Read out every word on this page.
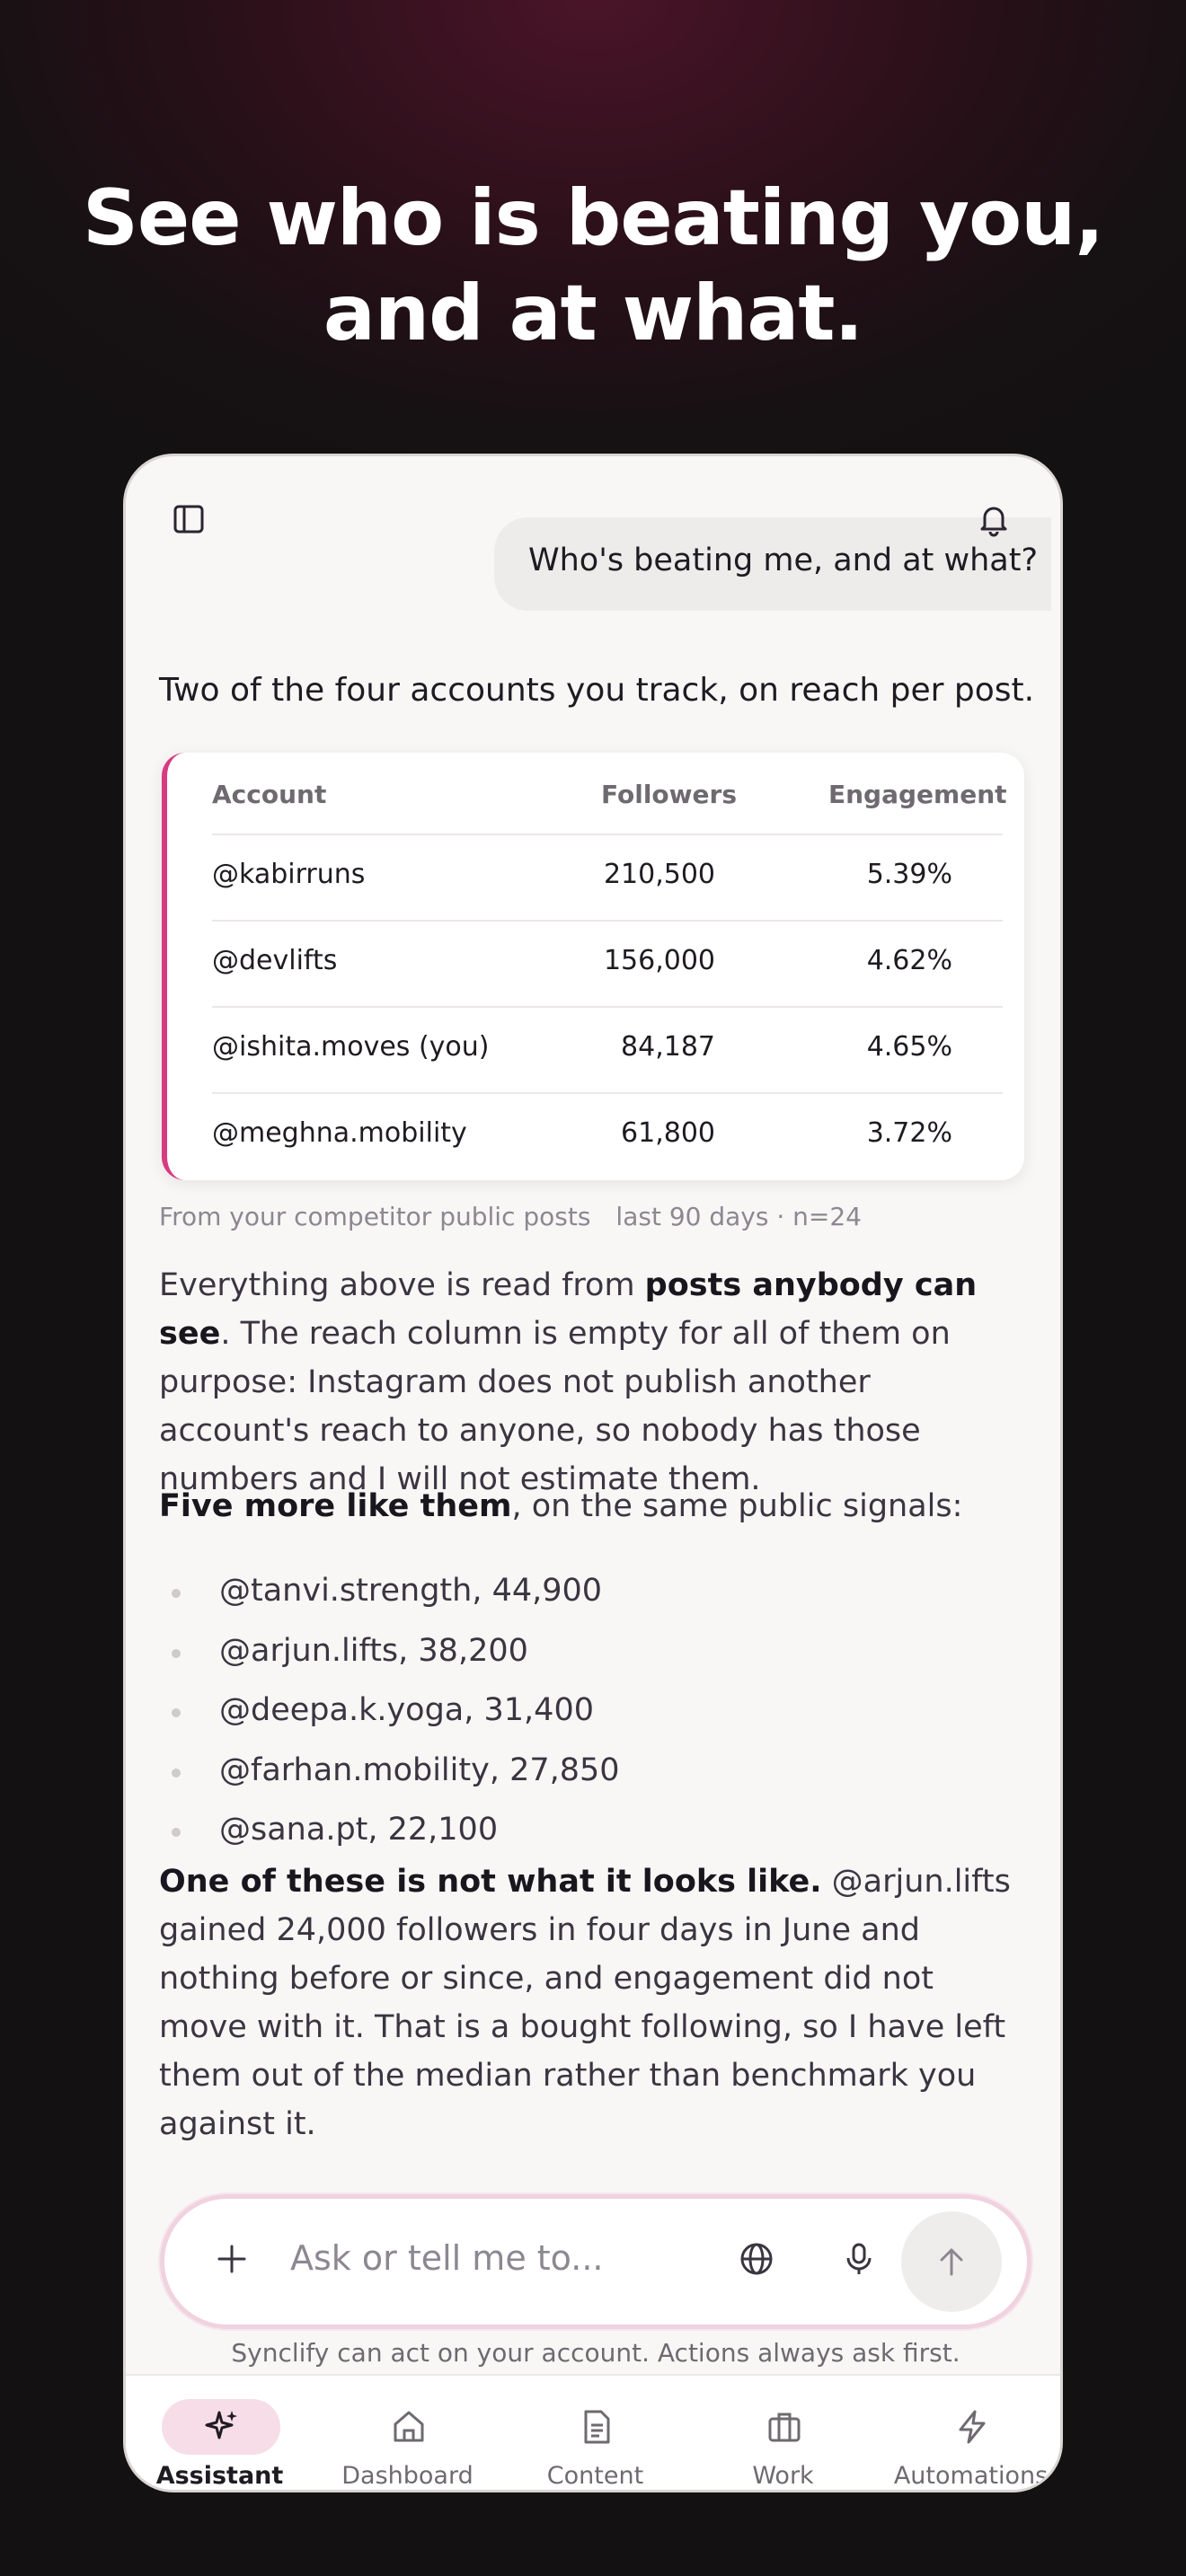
See who is beating you,
and at what.
Who's beating me, and at what?

Two of the four accounts you track, on reach per post.

Account	Followers	Engagement
@kabirruns	210,500	5.39%
@devlifts	156,000	4.62%
@ishita.moves (you)	84,187	4.65%
@meghna.mobility	61,800	3.72%
From your competitor public posts last 90 days · n=24

Everything above is read from posts anybody can see. The reach column is empty for all of them on purpose: Instagram does not publish another account's reach to anyone, so nobody has those numbers and I will not estimate them.

Five more like them, on the same public signals:

@tanvi.strength, 44,900
@arjun.lifts, 38,200
@deepa.k.yoga, 31,400
@farhan.mobility, 27,850
@sana.pt, 22,100

One of these is not what it looks like. @arjun.lifts gained 24,000 followers in four days in June and nothing before or since, and engagement did not move with it. That is a bought following, so I have left them out of the median rather than benchmark you against it.

Ask or tell me to...

Synclify can act on your account. Actions always ask first.

Assistant	Dashboard	Content	Work	Automations
